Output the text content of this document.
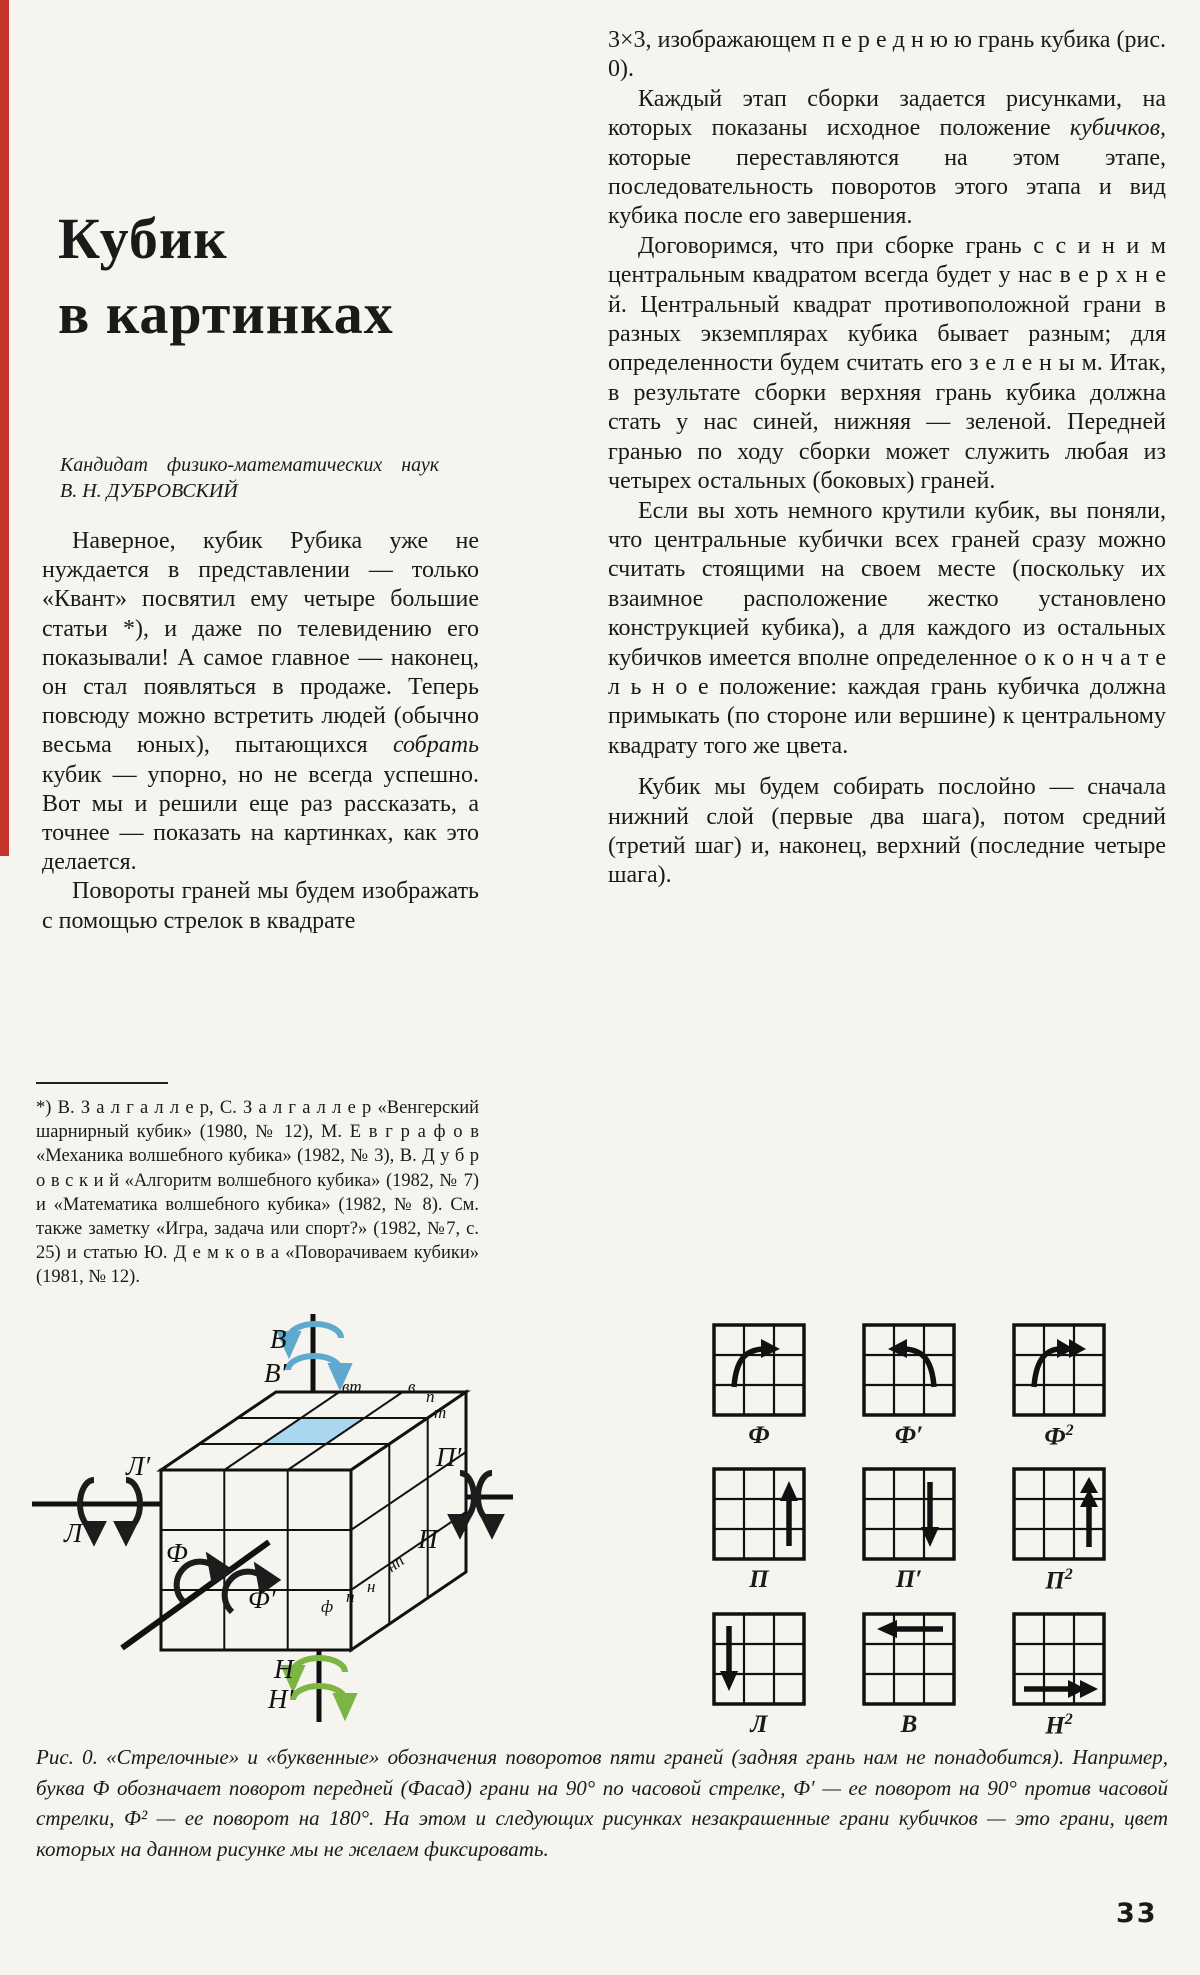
Кубик
в картинках
Кандидат физико-математических наук
В. Н. ДУБРОВСКИЙ

Наверное, кубик Рубика уже не нуждается в представлении — только «Квант» посвятил ему четыре большие статьи *), и даже по телевидению его показывали! А самое главное — наконец, он стал появляться в продаже. Теперь повсюду можно встретить людей (обычно весьма юных), пытающихся собрать кубик — упорно, но не всегда успешно. Вот мы и решили еще раз рассказать, а точнее — показать на картинках, как это делается.

Повороты граней мы будем изображать с помощью стрелок в квадрате

*) В. З а л г а л л е р, С. З а л г а л л е р «Венгерский шарнирный кубик» (1980, № 12), М. Е в г р а ф о в «Механика волшебного кубика» (1982, № 3), В. Д у б р о в с к и й «Алгоритм волшебного кубика» (1982, № 7) и «Математика волшебного кубика» (1982, № 8). См. также заметку «Игра, задача или спорт?» (1982, №7, с. 25) и статью Ю. Д е м к о в а «Поворачиваем кубики» (1981, № 12).

3×3, изображающем п е р е д н ю ю грань кубика (рис. 0).

Каждый этап сборки задается рисунками, на которых показаны исходное положение кубичков, которые переставляются на этом этапе, последовательность поворотов этого этапа и вид кубика после его завершения.

Договоримся, что при сборке грань с с и н и м центральным квадратом всегда будет у нас в е р х н е й. Центральный квадрат противоположной грани в разных экземплярах кубика бывает разным; для определенности будем считать его з е л е н ы м. Итак, в результате сборки верхняя грань кубика должна стать у нас синей, нижняя — зеленой. Передней гранью по ходу сборки может служить любая из четырех остальных (боковых) граней.

Если вы хоть немного крутили кубик, вы поняли, что центральные кубички всех граней сразу можно считать стоящими на своем месте (поскольку их взаимное расположение жестко установлено конструкцией кубика), а для каждого из остальных кубичков имеется вполне определенное о к о н ч а т е л ь н о е положение: каждая грань кубичка должна примыкать (по стороне или вершине) к центральному квадрату того же цвета.

Кубик мы будем собирать послойно — сначала нижний слой (первые два шага), потом средний (третий шаг) и, наконец, верхний (последние четыре шага).

В
В′
Л′
Л
П′
П
Ф
Ф′
Н
Н′
вт	в
п
т
ф
п
н
нп
Ф	Ф′	$Ф^2$
П	П′	$П^2$
Л	В	$Н^2$
Рис. 0. «Стрелочные» и «буквенные» обозначения поворотов пяти граней (задняя грань нам не понадобится). Например, буква Ф обозначает поворот передней (Фасад) грани на 90° по часовой стрелке, Ф′ — ее поворот на 90° против часовой стрелки, Ф² — ее поворот на 180°. На этом и следующих рисунках незакрашенные грани кубичков — это грани, цвет которых на данном рисунке мы не желаем фиксировать.
33
